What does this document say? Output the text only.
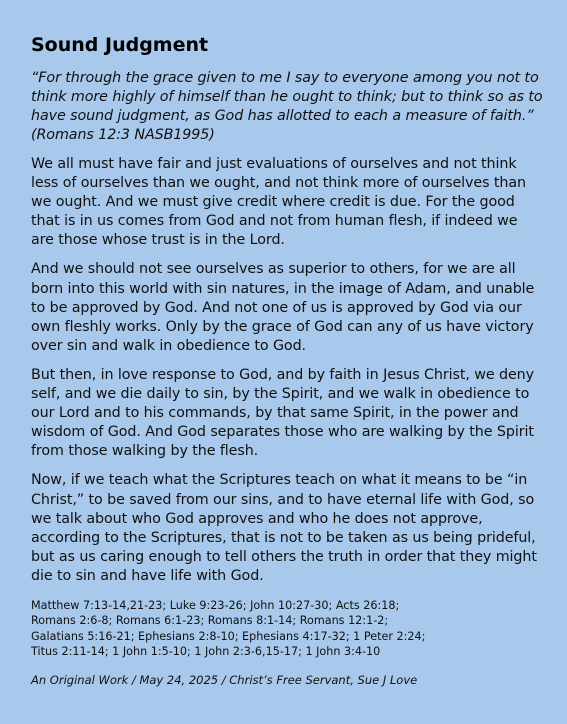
Sound Judgment

“For through the grace given to me I say to everyone among you not to think more highly of himself than he ought to think; but to think so as to have sound judgment, as God has allotted to each a measure of faith.” (Romans 12:3 NASB1995)

We all must have fair and just evaluations of ourselves and not think less of ourselves than we ought, and not think more of ourselves than we ought. And we must give credit where credit is due. For the good that is in us comes from God and not from human flesh, if indeed we are those whose trust is in the Lord.

And we should not see ourselves as superior to others, for we are all born into this world with sin natures, in the image of Adam, and unable to be approved by God. And not one of us is approved by God via our own fleshly works. Only by the grace of God can any of us have victory over sin and walk in obedience to God.

But then, in love response to God, and by faith in Jesus Christ, we deny self, and we die daily to sin, by the Spirit, and we walk in obedience to our Lord and to his commands, by that same Spirit, in the power and wisdom of God. And God separates those who are walking by the Spirit from those walking by the flesh.

Now, if we teach what the Scriptures teach on what it means to be “in Christ,” to be saved from our sins, and to have eternal life with God, so we talk about who God approves and who he does not approve, according to the Scriptures, that is not to be taken as us being prideful, but as us caring enough to tell others the truth in order that they might die to sin and have life with God.

Matthew 7:13-14,21-23; Luke 9:23-26; John 10:27-30; Acts 26:18;
Romans 2:6-8; Romans 6:1-23; Romans 8:1-14; Romans 12:1-2;
Galatians 5:16-21; Ephesians 2:8-10; Ephesians 4:17-32; 1 Peter 2:24;
Titus 2:11-14; 1 John 1:5-10; 1 John 2:3-6,15-17; 1 John 3:4-10
An Original Work / May 24, 2025 / Christ’s Free Servant, Sue J Love
